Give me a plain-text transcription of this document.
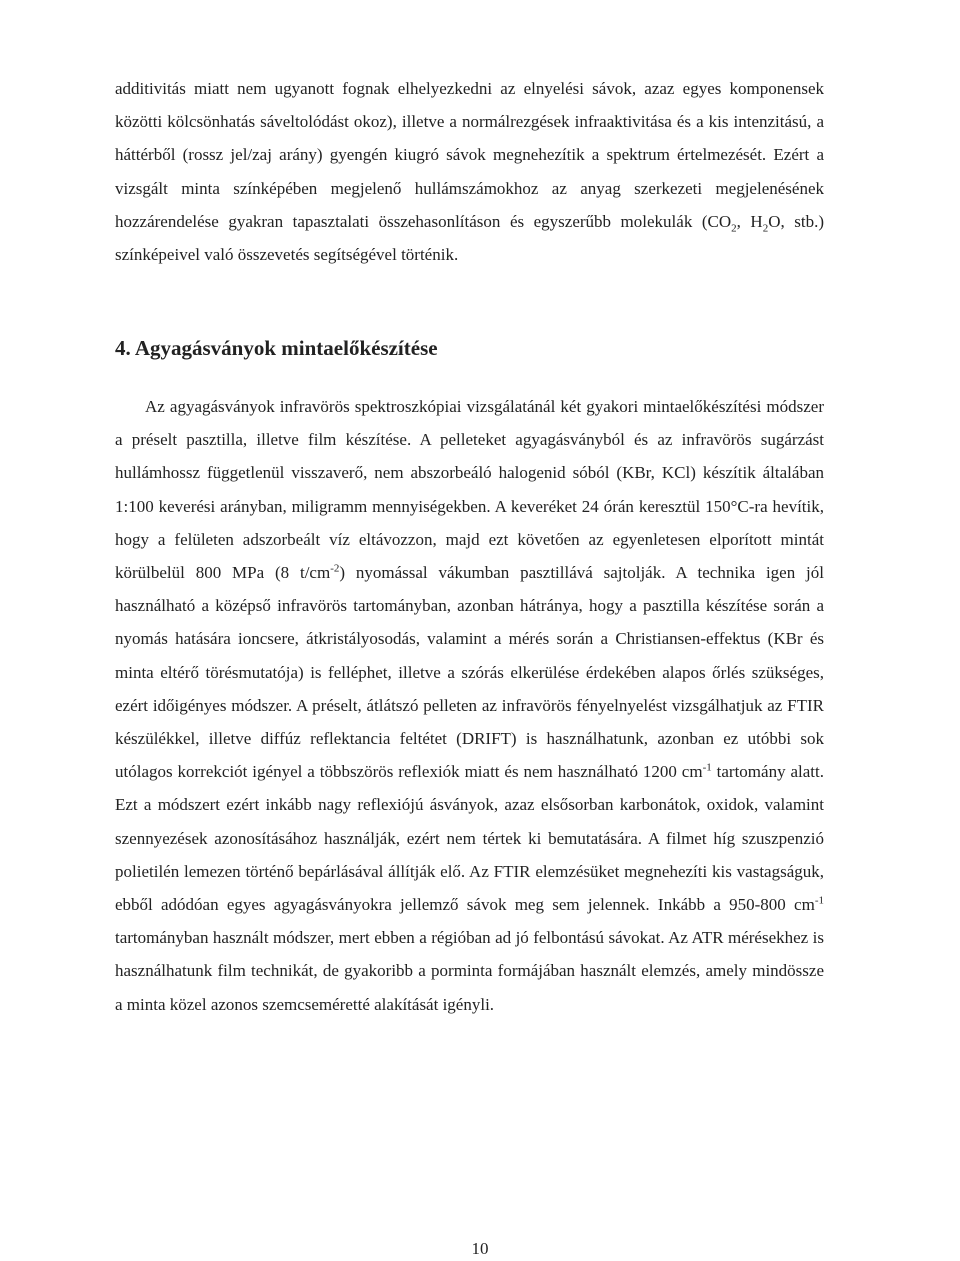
additivitás miatt nem ugyanott fognak elhelyezkedni az elnyelési sávok, azaz egyes komponensek közötti kölcsönhatás sáveltolódást okoz), illetve a normálrezgések infraaktivitása és a kis intenzitású, a háttérből (rossz jel/zaj arány) gyengén kiugró sávok megnehezítik a spektrum értelmezését. Ezért a vizsgált minta színképében megjelenő hullámszámokhoz az anyag szerkezeti megjelenésének hozzárendelése gyakran tapasztalati összehasonlításon és egyszerűbb molekulák ($CO_2$, $H_2O$, stb.) színképeivel való összevetés segítségével történik.

4. Agyagásványok mintaelőkészítése

Az agyagásványok infravörös spektroszkópiai vizsgálatánál két gyakori mintaelőkészítési módszer a préselt pasztilla, illetve film készítése. A pelleteket agyagásványból és az infravörös sugárzást hullámhossz függetlenül visszaverő, nem abszorbeáló halogenid sóból (KBr, KCl) készítik általában 1:100 keverési arányban, miligramm mennyiségekben. A keveréket 24 órán keresztül 150°C-ra hevítik, hogy a felületen adszorbeált víz eltávozzon, majd ezt követően az egyenletesen elporított mintát körülbelül 800 MPa (8 $t/cm^{-2}$) nyomással vákumban pasztillává sajtolják. A technika igen jól használható a középső infravörös tartományban, azonban hátránya, hogy a pasztilla készítése során a nyomás hatására ioncsere, átkristályosodás, valamint a mérés során a Christiansen-effektus (KBr és minta eltérő törésmutatója) is felléphet, illetve a szórás elkerülése érdekében alapos őrlés szükséges, ezért időigényes módszer. A préselt, átlátszó pelleten az infravörös fényelnyelést vizsgálhatjuk az FTIR készülékkel, illetve diffúz reflektancia feltétet (DRIFT) is használhatunk, azonban ez utóbbi sok utólagos korrekciót igényel a többszörös reflexiók miatt és nem használható 1200 $cm^{-1}$ tartomány alatt. Ezt a módszert ezért inkább nagy reflexiójú ásványok, azaz elsősorban karbonátok, oxidok, valamint szennyezések azonosításához használják, ezért nem tértek ki bemutatására. A filmet híg szuszpenzió polietilén lemezen történő bepárlásával állítják elő. Az FTIR elemzésüket megnehezíti kis vastagságuk, ebből adódóan egyes agyagásványokra jellemző sávok meg sem jelennek. Inkább a 950-800 $cm^{-1}$ tartományban használt módszer, mert ebben a régióban ad jó felbontású sávokat. Az ATR mérésekhez is használhatunk film technikát, de gyakoribb a porminta formájában használt elemzés, amely mindössze a minta közel azonos szemcseméretté alakítását igényli.

10
